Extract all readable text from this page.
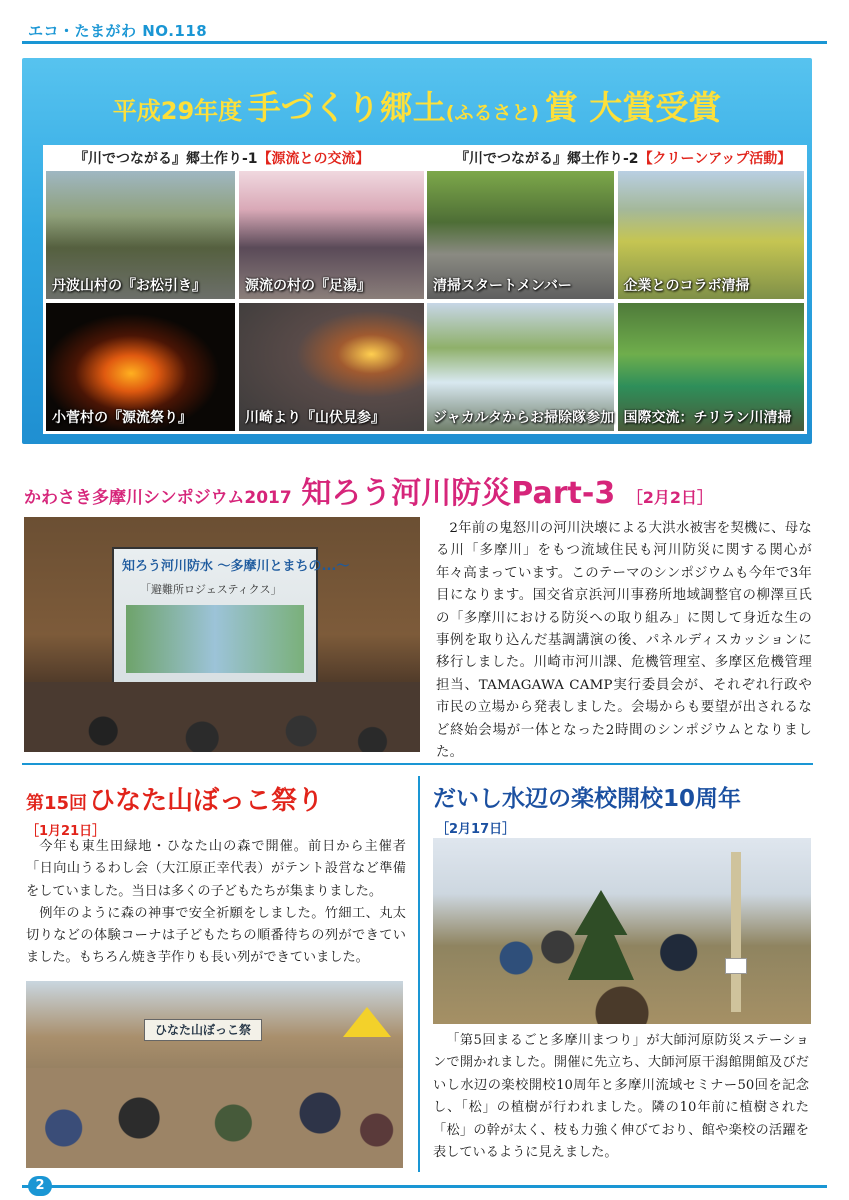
エコ・たまがわ NO.118
平成29年度 手づくり郷土(ふるさと) 賞 大賞受賞
『川でつながる』郷土作り-1【源流との交流】
丹波山村の『お松引き』	源流の村の『足湯』
小菅村の『源流祭り』	川崎より『山伏見参』
『川でつながる』郷土作り-2【クリーンアップ活動】
清掃スタートメンバー	企業とのコラボ清掃
ジャカルタからお掃除隊参加 国際交流：チリラン川清掃
かわさき多摩川シンポジウム2017 知ろう河川防災Part-3 ［2月2日］
知ろう河川防水 ～多摩川とまちの...～
「避難所ロジェスティクス」

2年前の鬼怒川の河川決壊による大洪水被害を契機に、母なる川「多摩川」をもつ流域住民も河川防災に関する関心が年々高まっています。このテーマのシンポジウムも今年で3年目になります。国交省京浜河川事務所地域調整官の柳澤亘氏の「多摩川における防災への取り組み」に関して身近な生の事例を取り込んだ基調講演の後、パネルディスカッションに移行しました。川崎市河川課、危機管理室、多摩区危機管理担当、TAMAGAWA CAMP実行委員会が、それぞれ行政や市民の立場から発表しました。会場からも要望が出されるなど終始会場が一体となった2時間のシンポジウムとなりました。

第15回ひなた山ぼっこ祭り
［1月21日］

今年も東生田緑地・ひなた山の森で開催。前日から主催者「日向山うるわし会（大江原正幸代表）がテント設営など準備をしていました。当日は多くの子どもたちが集まりました。

例年のように森の神事で安全祈願をしました。竹細工、丸太切りなどの体験コーナは子どもたちの順番待ちの列ができていました。もちろん焼き芋作りも長い列ができていました。

ひなた山ぼっこ祭
だいし水辺の楽校開校10周年
［2月17日］

「第5回まるごと多摩川まつり」が大師河原防災ステーションで開かれました。開催に先立ち、大師河原干潟館開館及びだいし水辺の楽校開校10周年と多摩川流域セミナー50回を記念し、「松」の植樹が行われました。隣の10年前に植樹された「松」の幹が太く、枝も力強く伸びており、館や楽校の活躍を表しているように見えました。

2
